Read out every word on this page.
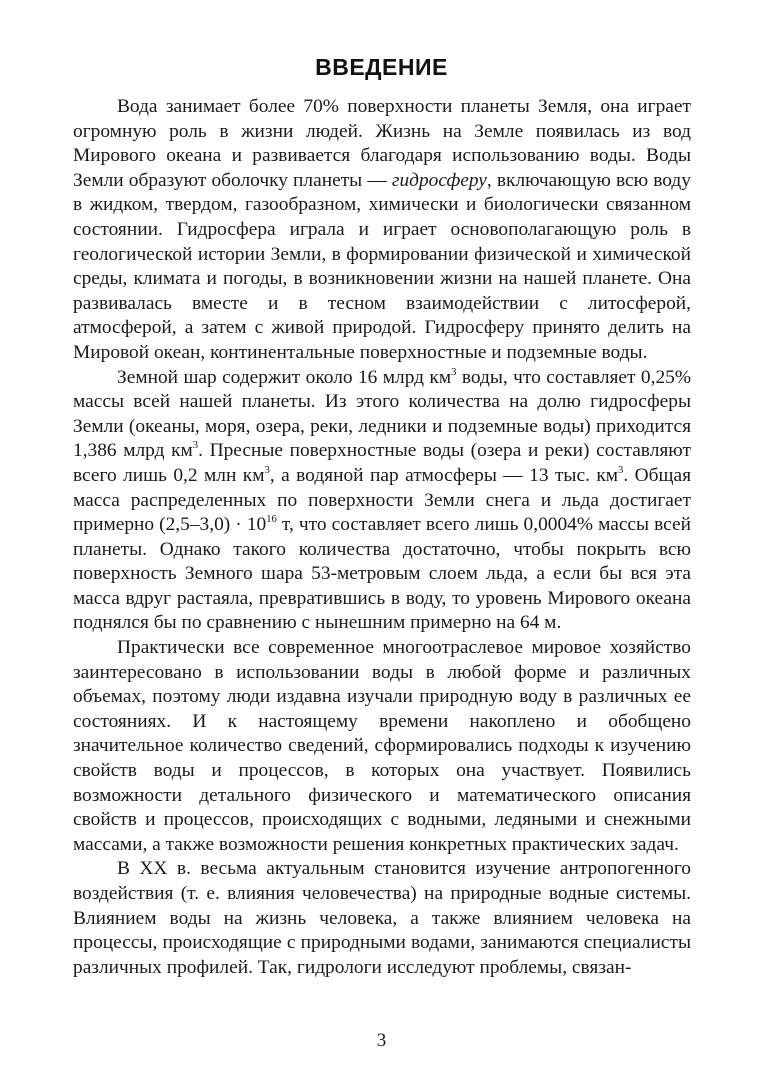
ВВЕДЕНИЕ

Вода занимает более 70% поверхности планеты Земля, она играет огромную роль в жизни людей. Жизнь на Земле появилась из вод Мирового океана и развивается благодаря использованию воды. Воды Земли образуют оболочку планеты — гидросферу, включающую всю воду в жидком, твердом, газообразном, химически и биологически связанном состоянии. Гидросфера играла и играет основополагающую роль в геологической истории Земли, в формировании физической и химической среды, климата и погоды, в возникновении жизни на нашей планете. Она развивалась вместе и в тесном взаимодействии с литосферой, атмосферой, а затем с живой природой. Гидросферу принято делить на Мировой океан, континентальные поверхностные и подземные воды.

Земной шар содержит около 16 млрд $км^3$ воды, что составляет 0,25% массы всей нашей планеты. Из этого количества на долю гидросферы Земли (океаны, моря, озера, реки, ледники и подземные воды) приходится 1,386 млрд $км^3$. Пресные поверхностные воды (озера и реки) составляют всего лишь 0,2 млн $км^3$, а водяной пар атмосферы — 13 тыс. $км^3$. Общая масса распределенных по поверхности Земли снега и льда достигает примерно $(2,5-3,0) \cdot 10^{16}$ т, что составляет всего лишь 0,0004% массы всей планеты. Однако такого количества достаточно, чтобы покрыть всю поверхность Земного шара 53-метровым слоем льда, а если бы вся эта масса вдруг растаяла, превратившись в воду, то уровень Мирового океана поднялся бы по сравнению с нынешним примерно на 64 м.

Практически все современное многоотраслевое мировое хозяйство заинтересовано в использовании воды в любой форме и различных объемах, поэтому люди издавна изучали природную воду в различных ее состояниях. И к настоящему времени накоплено и обобщено значительное количество сведений, сформировались подходы к изучению свойств воды и процессов, в которых она участвует. Появились возможности детального физического и математического описания свойств и процессов, происходящих с водными, ледяными и снежными массами, а также возможности решения конкретных практических задач.

В XX в. весьма актуальным становится изучение антропогенного воздействия (т. е. влияния человечества) на природные водные системы. Влиянием воды на жизнь человека, а также влиянием человека на процессы, происходящие с природными водами, занимаются специалисты различных профилей. Так, гидрологи исследуют проблемы, связан-

3
